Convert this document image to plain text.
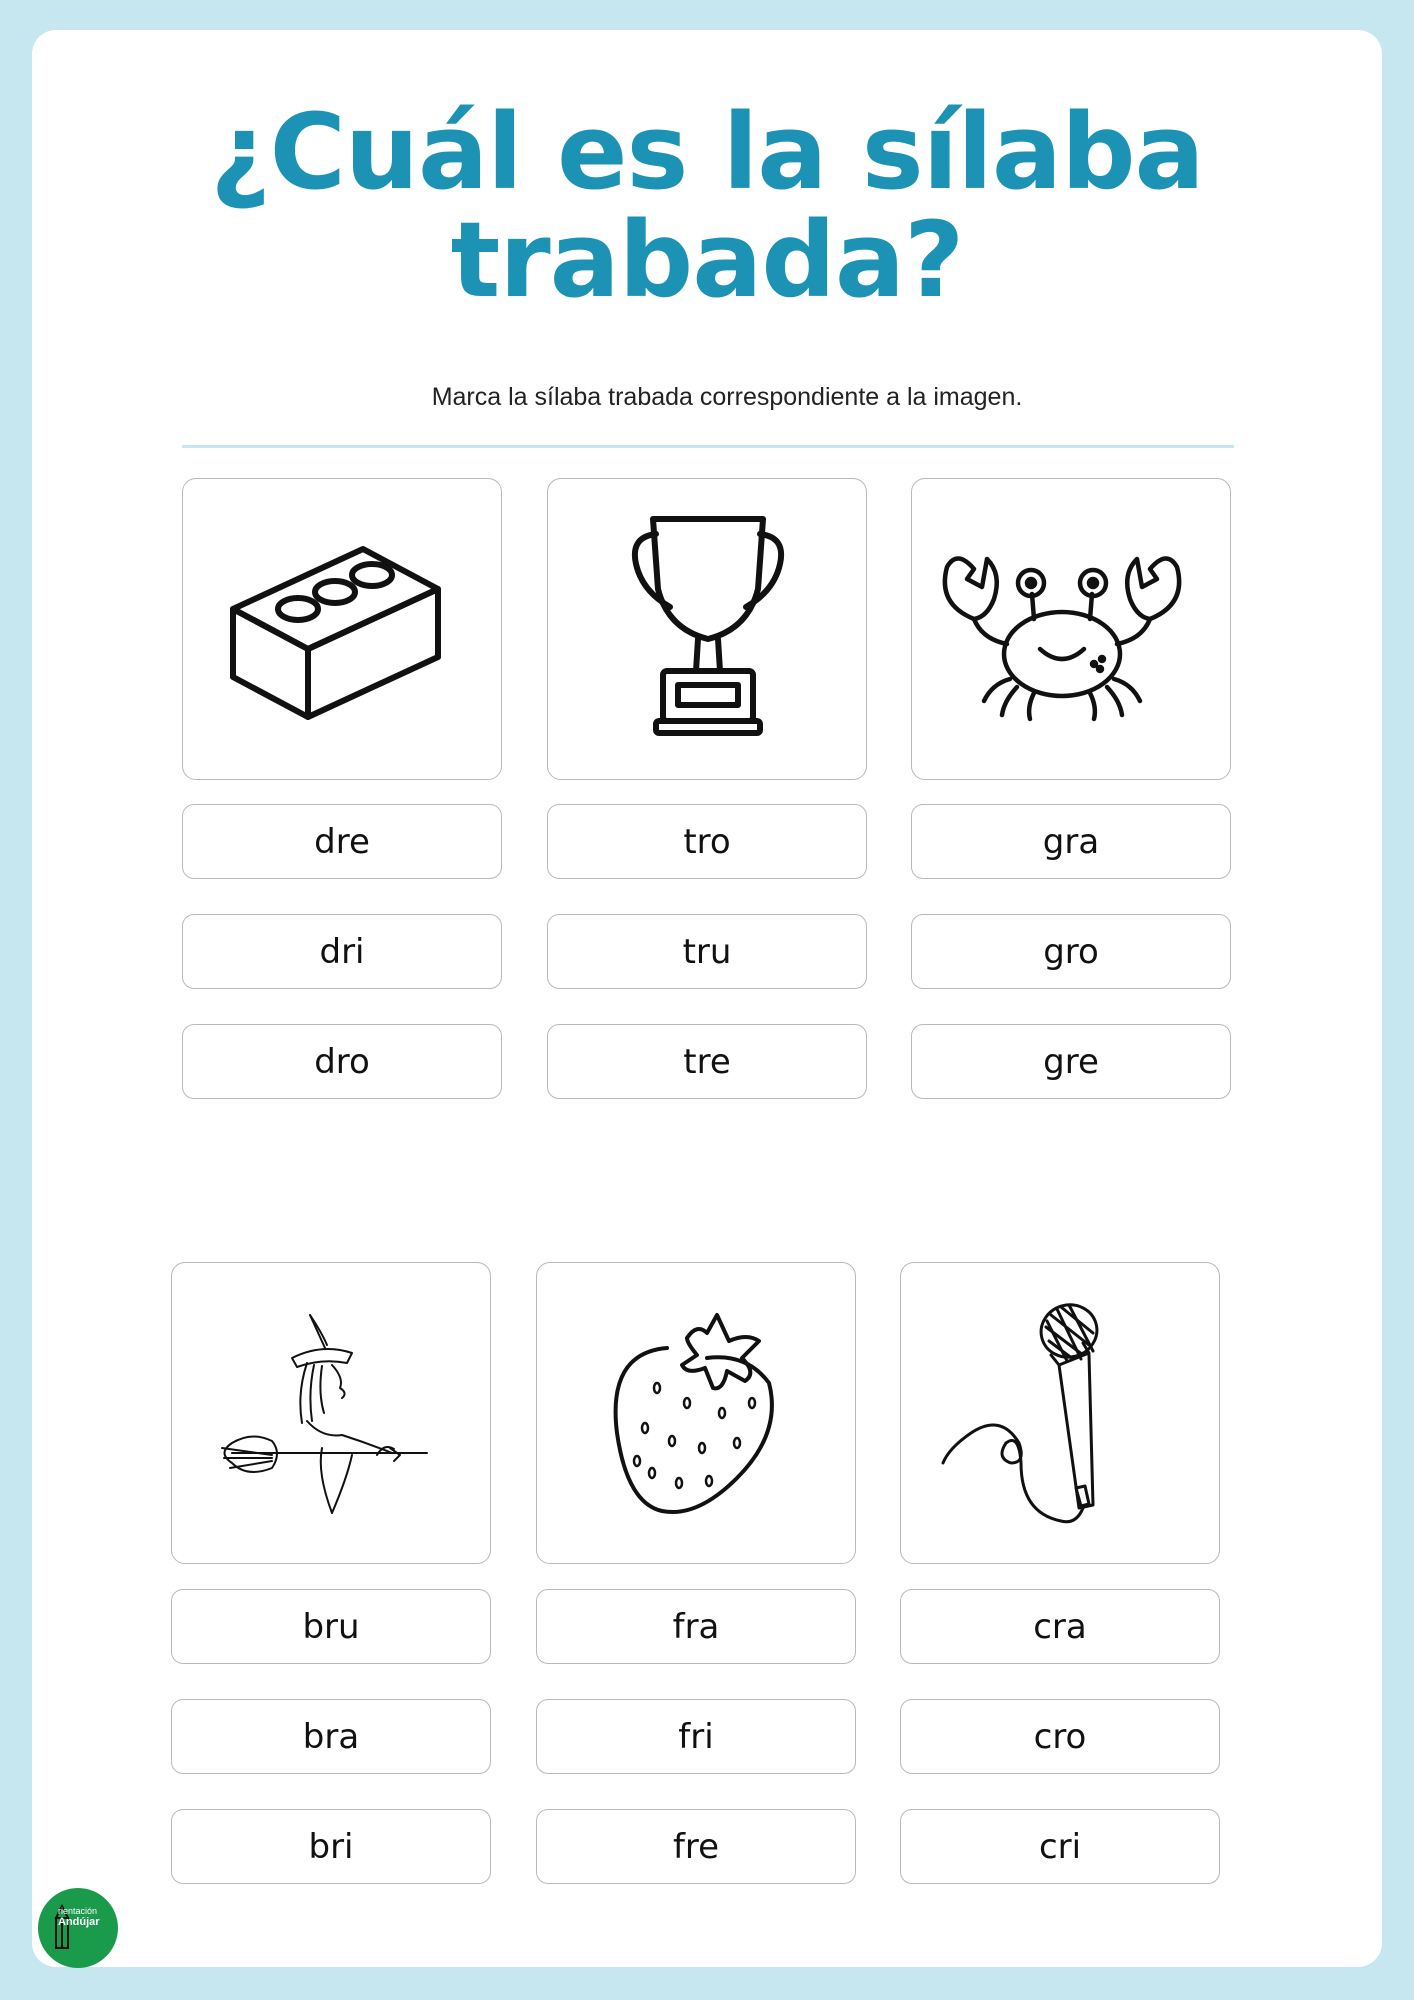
¿Cuál es la sílaba
trabada?

Marca la sílaba trabada correspondiente a la imagen.

dre
dri
dro
tro
tru
tre
gra
gro
gre
bru
bra
bri
fra
fri
fre
cra
cro
cri
rientación
Andújar
